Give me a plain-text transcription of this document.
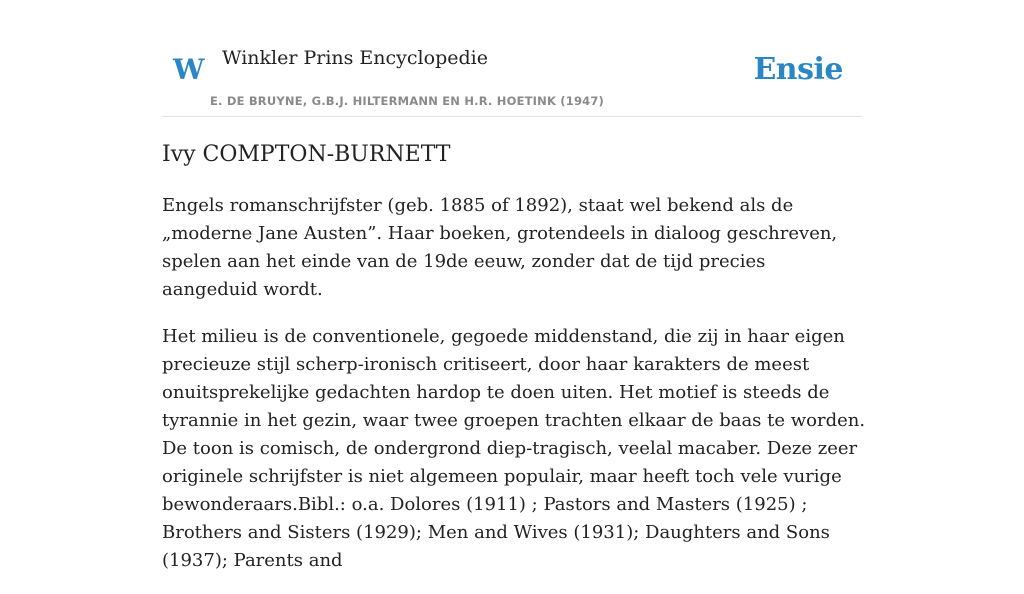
W Winkler Prins Encyclopedie
E. DE BRUYNE, G.B.J. HILTERMANN EN H.R. HOETINK (1947)
Ensie
Ivy COMPTON-BURNETT

Engels romanschrijfster (geb. 1885 of 1892), staat wel bekend als de „moderne Jane Austen”. Haar boeken, grotendeels in dialoog geschreven, spelen aan het einde van de 19de eeuw, zonder dat de tijd precies aangeduid wordt.

Het milieu is de conventionele, gegoede middenstand, die zij in haar eigen precieuze stijl scherp-ironisch critiseert, door haar karakters de meest onuitsprekelijke gedachten hardop te doen uiten. Het motief is steeds de tyrannie in het gezin, waar twee groepen trachten elkaar de baas te worden. De toon is comisch, de ondergrond diep-tragisch, veelal macaber. Deze zeer originele schrijfster is niet algemeen populair, maar heeft toch vele vurige bewonderaars.Bibl.: o.a. Dolores (1911) ; Pastors and Masters (1925) ; Brothers and Sisters (1929); Men and Wives (1931); Daughters and Sons (1937); Parents and
